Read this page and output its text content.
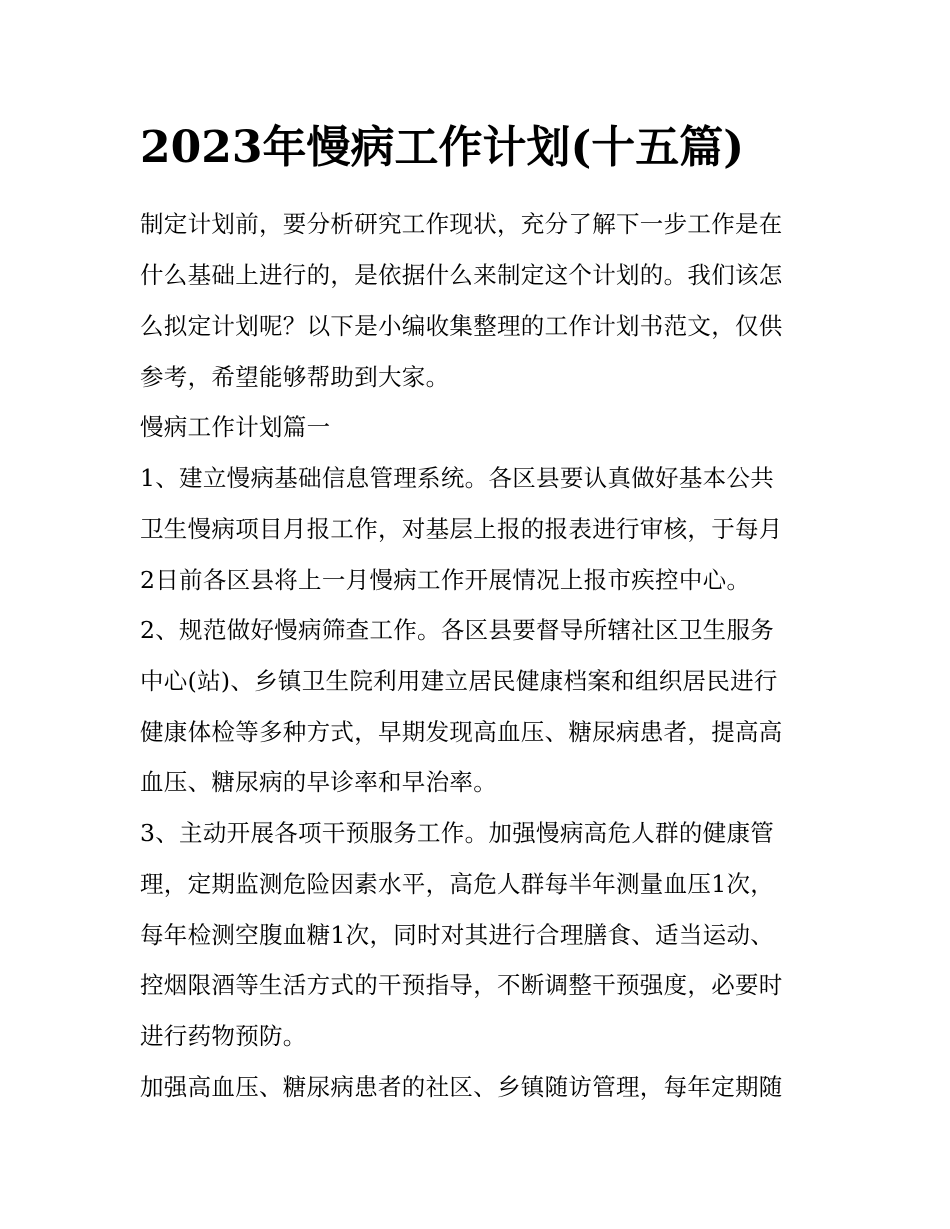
2023年慢病工作计划(十五篇)

制定计划前，要分析研究工作现状，充分了解下一步工作是在

什么基础上进行的，是依据什么来制定这个计划的。我们该怎

么拟定计划呢？以下是小编收集整理的工作计划书范文，仅供

参考，希望能够帮助到大家。

慢病工作计划篇一

1、建立慢病基础信息管理系统。各区县要认真做好基本公共

卫生慢病项目月报工作，对基层上报的报表进行审核，于每月

2日前各区县将上一月慢病工作开展情况上报市疾控中心。

2、规范做好慢病筛查工作。各区县要督导所辖社区卫生服务

中心(站)、乡镇卫生院利用建立居民健康档案和组织居民进行

健康体检等多种方式，早期发现高血压、糖尿病患者，提高高

血压、糖尿病的早诊率和早治率。

3、主动开展各项干预服务工作。加强慢病高危人群的健康管

理，定期监测危险因素水平，高危人群每半年测量血压1次，

每年检测空腹血糖1次，同时对其进行合理膳食、适当运动、

控烟限酒等生活方式的干预指导，不断调整干预强度，必要时

进行药物预防。

加强高血压、糖尿病患者的社区、乡镇随访管理，每年定期随
